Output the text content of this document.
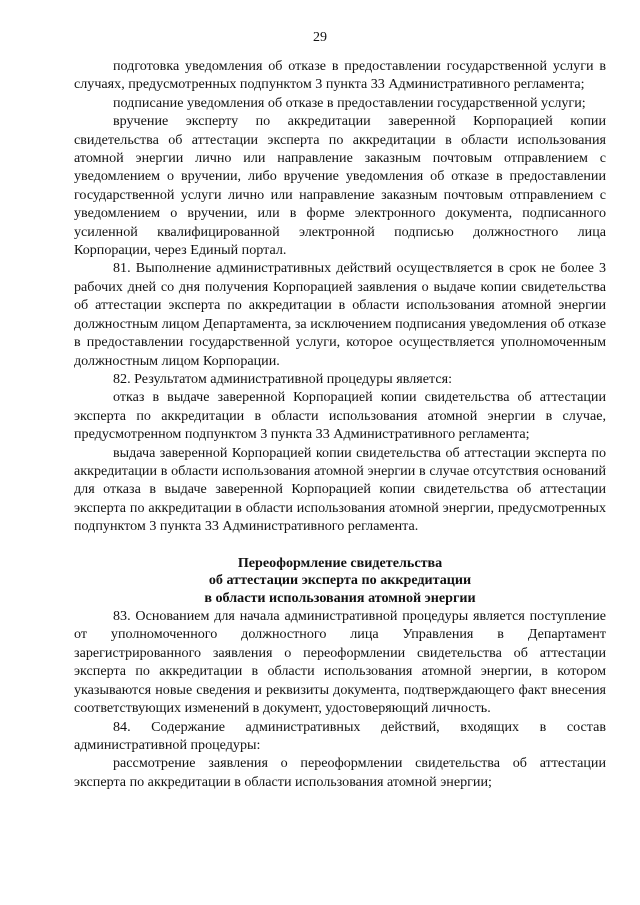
29

подготовка уведомления об отказе в предоставлении государственной услуги в случаях, предусмотренных подпунктом 3 пункта 33 Административного регламента;

подписание уведомления об отказе в предоставлении государственной услуги;

вручение эксперту по аккредитации заверенной Корпорацией копии свидетельства об аттестации эксперта по аккредитации в области использования атомной энергии лично или направление заказным почтовым отправлением с уведомлением о вручении, либо вручение уведомления об отказе в предоставлении государственной услуги лично или направление заказным почтовым отправлением с уведомлением о вручении, или в форме электронного документа, подписанного усиленной квалифицированной электронной подписью должностного лица Корпорации, через Единый портал.

81. Выполнение административных действий осуществляется в срок не более 3 рабочих дней со дня получения Корпорацией заявления о выдаче копии свидетельства об аттестации эксперта по аккредитации в области использования атомной энергии должностным лицом Департамента, за исключением подписания уведомления об отказе в предоставлении государственной услуги, которое осуществляется уполномоченным должностным лицом Корпорации.

82. Результатом административной процедуры является:

отказ в выдаче заверенной Корпорацией копии свидетельства об аттестации эксперта по аккредитации в области использования атомной энергии в случае, предусмотренном подпунктом 3 пункта 33 Административного регламента;

выдача заверенной Корпорацией копии свидетельства об аттестации эксперта по аккредитации в области использования атомной энергии в случае отсутствия оснований для отказа в выдаче заверенной Корпорацией копии свидетельства об аттестации эксперта по аккредитации в области использования атомной энергии, предусмотренных подпунктом 3 пункта 33 Административного регламента.

Переоформление свидетельства
об аттестации эксперта по аккредитации
в области использования атомной энергии

83. Основанием для начала административной процедуры является поступление от уполномоченного должностного лица Управления в Департамент зарегистрированного заявления о переоформлении свидетельства об аттестации эксперта по аккредитации в области использования атомной энергии, в котором указываются новые сведения и реквизиты документа, подтверждающего факт внесения соответствующих изменений в документ, удостоверяющий личность.

84. Содержание административных действий, входящих в состав административной процедуры:

рассмотрение заявления о переоформлении свидетельства об аттестации эксперта по аккредитации в области использования атомной энергии;
